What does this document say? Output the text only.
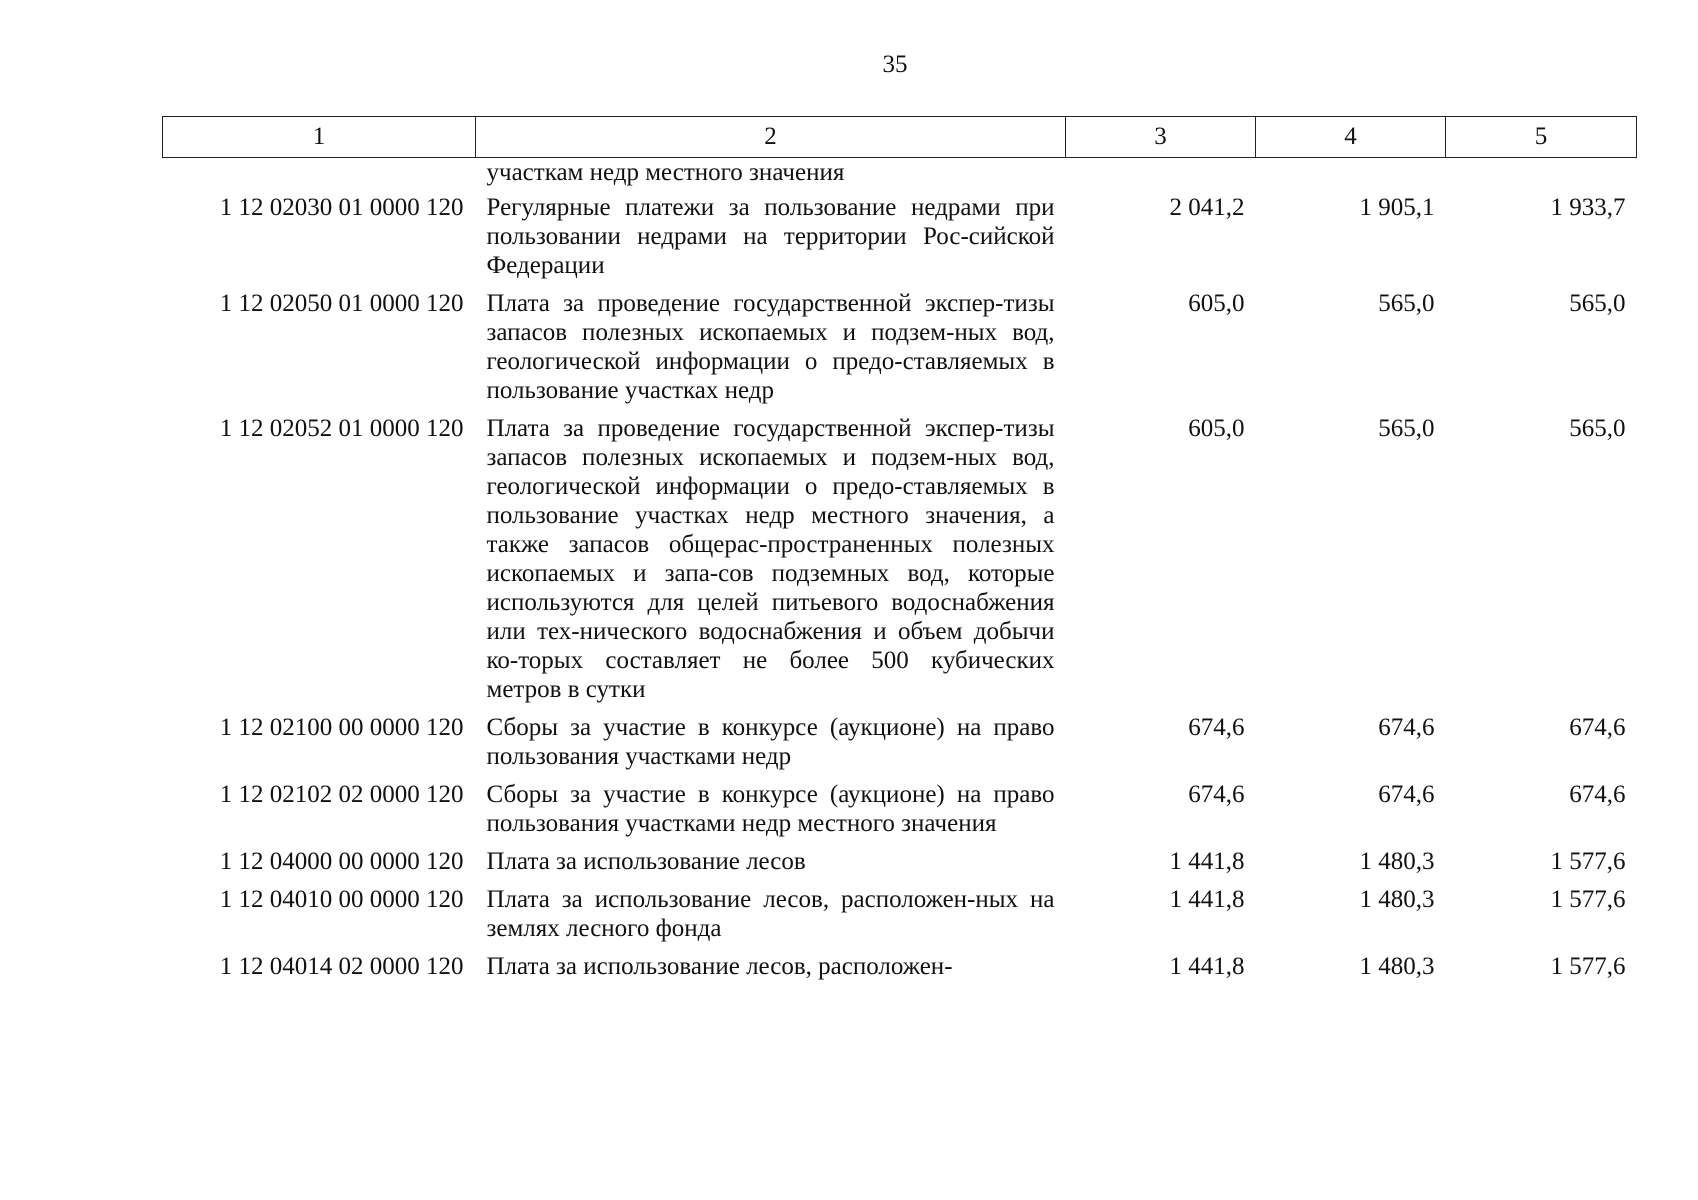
35
1	2	3	4	5
	участкам недр местного значения			
1 12 02030 01 0000 120	Регулярные платежи за пользование недрами при пользовании недрами на территории Рос-сийской Федерации	2 041,2	1 905,1	1 933,7
1 12 02050 01 0000 120	Плата за проведение государственной экспер-тизы запасов полезных ископаемых и подзем-ных вод, геологической информации о предо-ставляемых в пользование участках недр	605,0	565,0	565,0
1 12 02052 01 0000 120	Плата за проведение государственной экспер-тизы запасов полезных ископаемых и подзем-ных вод, геологической информации о предо-ставляемых в пользование участках недр местного значения, а также запасов общерас-пространенных полезных ископаемых и запа-сов подземных вод, которые используются для целей питьевого водоснабжения или тех-нического водоснабжения и объем добычи ко-торых составляет не более 500 кубических метров в сутки	605,0	565,0	565,0
1 12 02100 00 0000 120	Сборы за участие в конкурсе (аукционе) на право пользования участками недр	674,6	674,6	674,6
1 12 02102 02 0000 120	Сборы за участие в конкурсе (аукционе) на право пользования участками недр местного значения	674,6	674,6	674,6
1 12 04000 00 0000 120	Плата за использование лесов	1 441,8	1 480,3	1 577,6
1 12 04010 00 0000 120	Плата за использование лесов, расположен-ных на землях лесного фонда	1 441,8	1 480,3	1 577,6
1 12 04014 02 0000 120	Плата за использование лесов, расположен-	1 441,8	1 480,3	1 577,6
